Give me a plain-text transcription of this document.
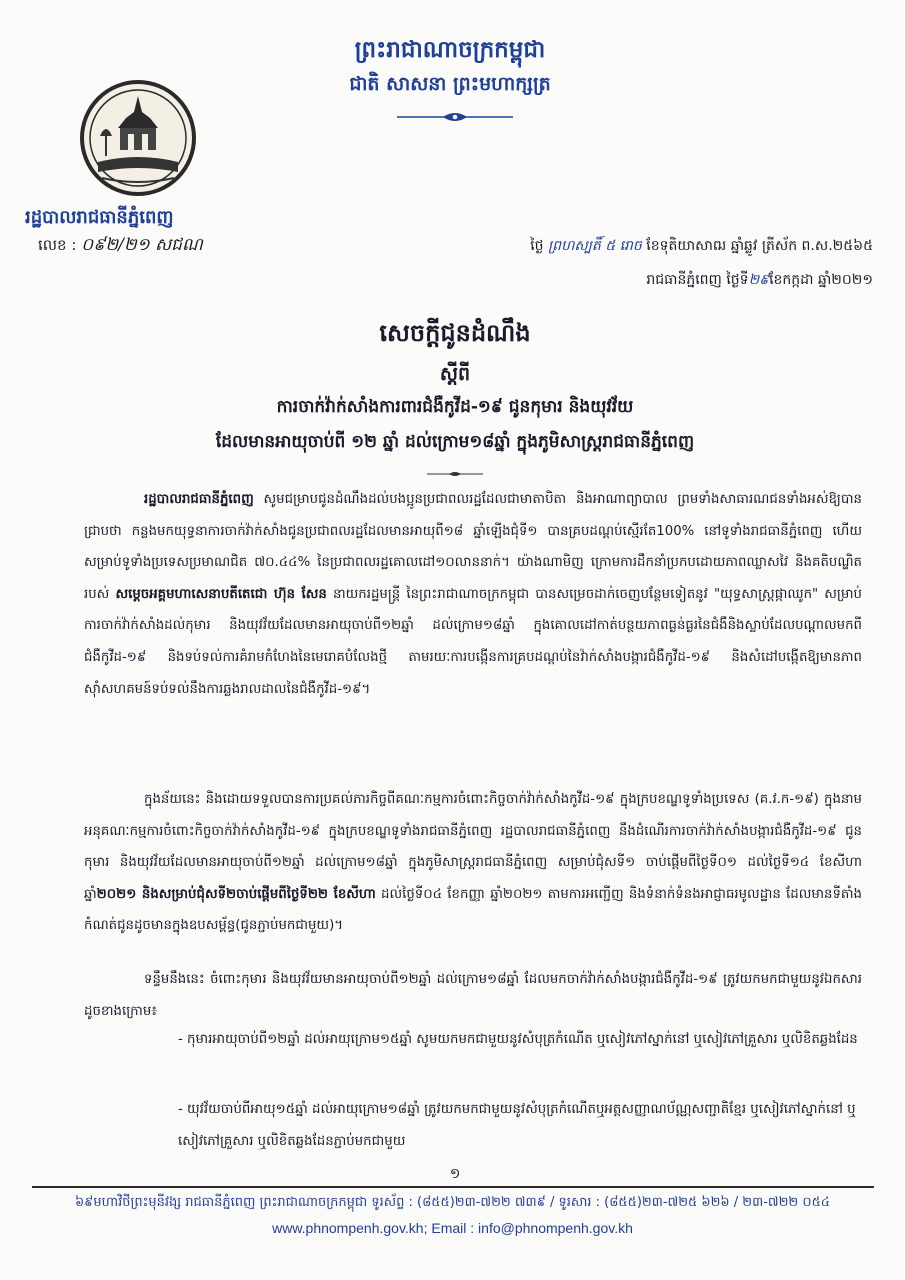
ព្រះរាជាណាចក្រកម្ពុជា
ជាតិ សាសនា ព្រះមហាក្សត្រ
រដ្ឋបាលរាជធានីភ្នំពេញ
លេខ : ០៩២/២១ សជណ	ថ្ងៃ ព្រហស្បតិ៍ ៥ រោច ខែទុតិយាសាឍ ឆ្នាំឆ្លូវ ត្រីស័ក ព.ស.២៥៦៥
រាជធានីភ្នំពេញ ថ្ងៃទី២៩ខែកក្កដា ឆ្នាំ២០២១
សេចក្តីជូនដំណឹង
ស្តីពី
ការចាក់វ៉ាក់សាំងការពារជំងឺកូវីដ-១៩ ជូនកុមារ និងយុវវ័យ
ដែលមានអាយុចាប់ពី ១២ ឆ្នាំ ដល់ក្រោម១៨ឆ្នាំ ក្នុងភូមិសាស្ត្ររាជធានីភ្នំពេញ
រដ្ឋបាលរាជធានីភ្នំពេញ សូមជម្រាបជូនដំណឹងដល់បងប្អូនប្រជាពលរដ្ឋដែលជាមាតាបិតា និងអាណាព្យាបាល ព្រមទាំងសាធារណជនទាំងអស់ឱ្យបានជ្រាបថា កន្លងមកយុទ្ធនាការចាក់វ៉ាក់សាំងជូនប្រជាពលរដ្ឋដែលមានអាយុពី១៨ ឆ្នាំឡើងជុំទី១ បានគ្របដណ្តប់ស្មើរតែ100% នៅទូទាំងរាជធានីភ្នំពេញ ហើយសម្រាប់ទូទាំងប្រទេសប្រមាណជិត ៧០.៤៤% នៃប្រជាពលរដ្ឋគោលដៅ១០លាននាក់។ យ៉ាងណាមិញ ក្រោមការដឹកនាំប្រកបដោយភាពឈ្លាសវៃ និងគតិបណ្ឌិតរបស់ សម្តេចអគ្គមហាសេនាបតីតេជោ ហ៊ុន សែន នាយករដ្ឋមន្ត្រី នៃព្រះរាជាណាចក្រកម្ពុជា បានសម្រេចដាក់ចេញបន្ថែមទៀតនូវ "យុទ្ធសាស្ត្រផ្កាឈូក" សម្រាប់ការចាក់វ៉ាក់សាំងដល់កុមារ និងយុវវ័យដែលមានអាយុចាប់ពី១២ឆ្នាំ ដល់ក្រោម១៨ឆ្នាំ ក្នុងគោលដៅកាត់បន្ថយភាពធ្ងន់ធ្ងរនៃជំងឺនិងស្លាប់ដែលបណ្តាលមកពីជំងឺកូវីដ-១៩ និងទប់ទល់ការគំរាមកំហែងនៃមេរោគបំលែងថ្មី តាមរយៈការបង្កើនការគ្របដណ្តប់នៃវ៉ាក់សាំងបង្ការជំងឺកូវីដ-១៩ និងសំដៅបង្កើតឱ្យមានភាពស៊ាំសហគមន៍ទប់ទល់នឹងការឆ្លងរាលដាលនៃជំងឺកូវីដ-១៩។
ក្នុងន័យនេះ និងដោយទទួលបានការប្រគល់ភារកិច្ចពីគណៈកម្មការចំពោះកិច្ចចាក់វ៉ាក់សាំងកូវីដ-១៩ ក្នុងក្របខណ្ឌទូទាំងប្រទេស (គ.វ.ក-១៩) ក្នុងនាមអនុគណៈកម្មការចំពោះកិច្ចចាក់វ៉ាក់សាំងកូវីដ-១៩ ក្នុងក្របខណ្ឌទូទាំងរាជធានីភ្នំពេញ រដ្ឋបាលរាជធានីភ្នំពេញ នឹងដំណើរការចាក់វ៉ាក់សាំងបង្ការជំងឺកូវីដ-១៩ ជូនកុមារ និងយុវវ័យដែលមានអាយុចាប់ពី១២ឆ្នាំ ដល់ក្រោម១៨ឆ្នាំ ក្នុងភូមិសាស្ត្ររាជធានីភ្នំពេញ សម្រាប់ជុំសទី១ ចាប់ផ្តើមពីថ្ងៃទី០១ ដល់ថ្ងៃទី១៤ ខែសីហា ឆ្នាំ២០២១ និងសម្រាប់ជុំសទី២ចាប់ផ្តើមពីថ្ងៃទី២២ ខែសីហា ដល់ថ្ងៃទី០៤ ខែកញ្ញា ឆ្នាំ២០២១ តាមការអញ្ជើញ និងទំនាក់ទំនងអាជ្ញាធរមូលដ្ឋាន ដែលមានទីតាំងកំណត់ជូនដូចមានក្នុងឧបសម្ព័ន្ធ(ជូនភ្ជាប់មកជាមួយ)។
ទន្ទឹមនឹងនេះ ចំពោះកុមារ និងយុវវ័យមានអាយុចាប់ពី១២ឆ្នាំ ដល់ក្រោម១៨ឆ្នាំ ដែលមកចាក់វ៉ាក់សាំងបង្ការជំងឺកូវីដ-១៩ ត្រូវយកមកជាមួយនូវឯកសារដូចខាងក្រោម៖
- កុមារអាយុចាប់ពី១២ឆ្នាំ ដល់អាយុក្រោម១៥ឆ្នាំ សូមយកមកជាមួយនូវសំបុត្រកំណើត ឬសៀវភៅស្នាក់នៅ ឬសៀវភៅគ្រួសារ ឬលិខិតឆ្លងដែន
- យុវវ័យចាប់ពីអាយុ១៥ឆ្នាំ ដល់អាយុក្រោម១៨ឆ្នាំ ត្រូវយកមកជាមួយនូវសំបុត្រកំណើតឬអត្តសញ្ញាណប័ណ្ណសញ្ជាតិខ្មែរ ឬសៀវភៅស្នាក់នៅ ឬសៀវភៅគ្រួសារ ឬលិខិតឆ្លងដែនភ្ជាប់មកជាមួយ
១
៦៩មហាវិថីព្រះមុនីវង្ស រាជធានីភ្នំពេញ ព្រះរាជាណាចក្រកម្ពុជា ទូរស័ព្ទ : (៨៥៥)២៣-៧២២ ៧៣៩ / ទូរសារ : (៨៥៥)២៣-៧២៥ ៦២៦ / ២៣-៧២២ ០៥៤
www.phnompenh.gov.kh; Email : info@phnompenh.gov.kh
